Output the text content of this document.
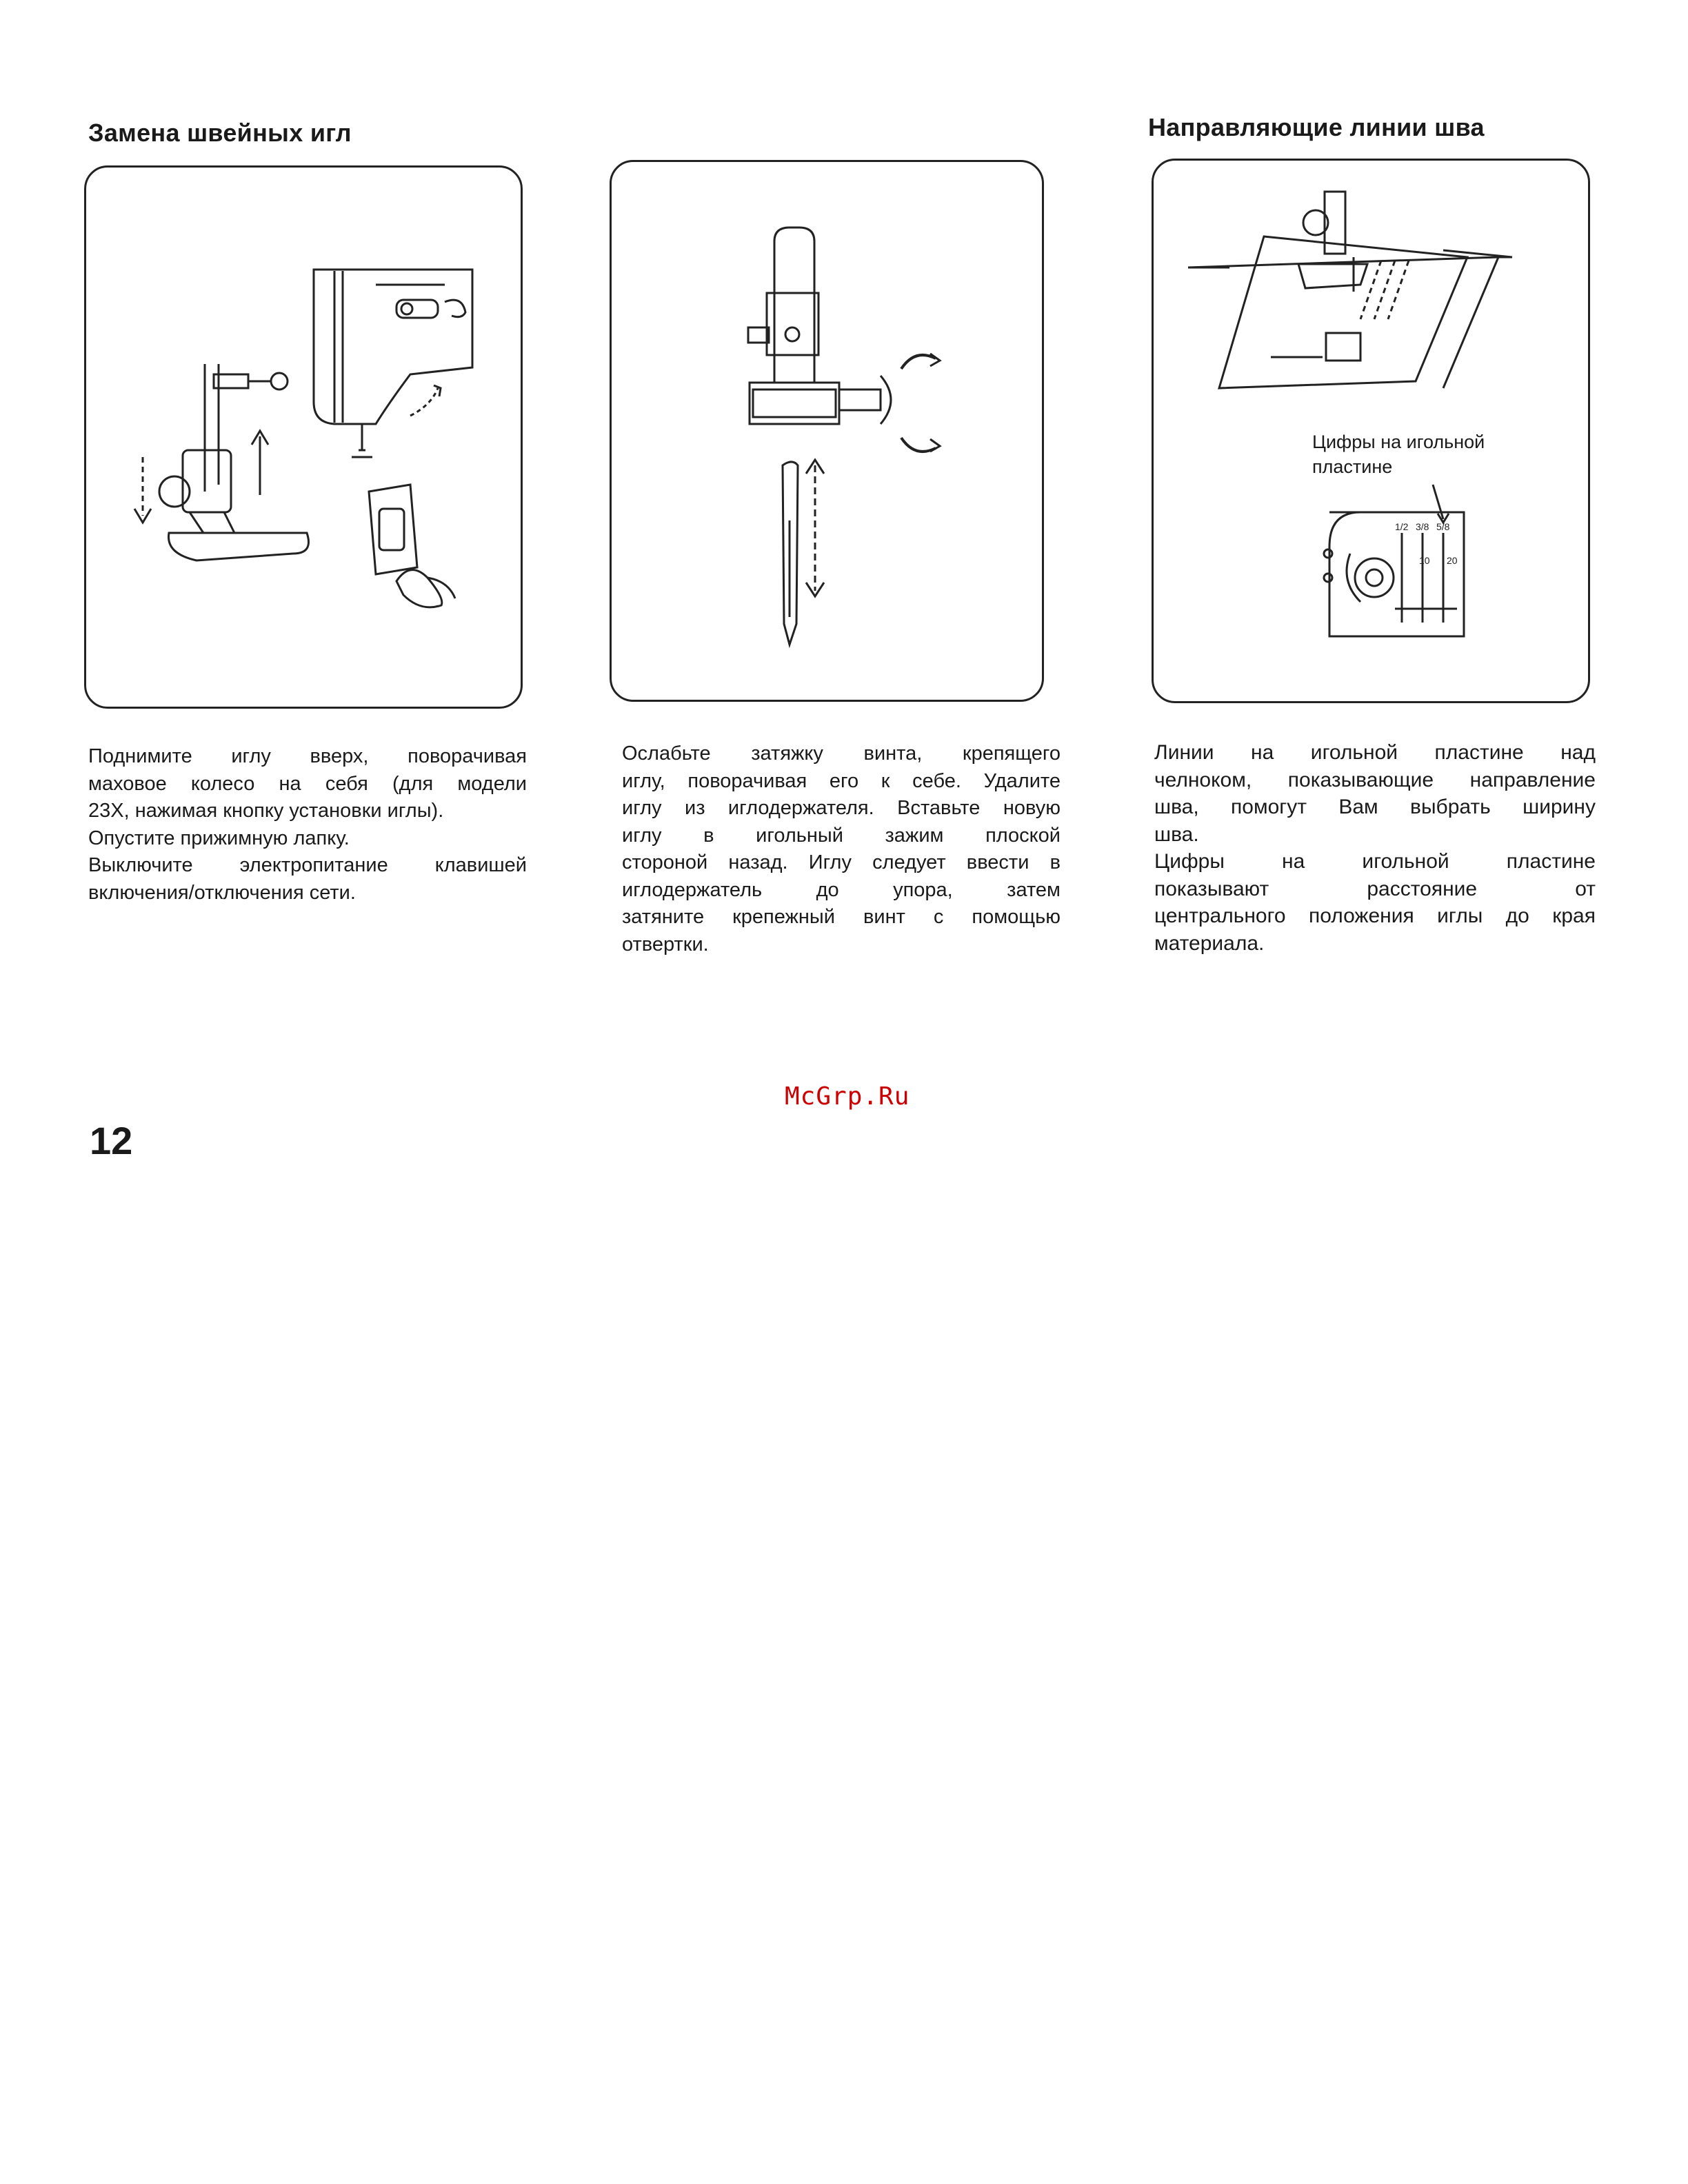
Замена швейных игл	Направляющие линии шва
1/2 3/8 5/8
10 20
Цифры на игольной
пластине
Поднимите иглу вверх, поворачивая
маховое колесо на себя (для модели
23X, нажимая кнопку установки иглы).
Опустите прижимную лапку.
Выключите электропитание клавишей
включения/отключения сети.
Ослабьте затяжку винта, крепящего
иглу, поворачивая его к себе. Удалите
иглу из иглодержателя. Вставьте новую
иглу в игольный зажим плоской
стороной назад. Иглу следует ввести в
иглодержатель до упора, затем
затяните крепежный винт с помощью
отвертки.
Линии на игольной пластине над
челноком, показывающие направление
шва, помогут Вам выбрать ширину
шва.
Цифры на игольной пластине
показывают расстояние от
центрального положения иглы до края
материала.
McGrp.Ru
12
